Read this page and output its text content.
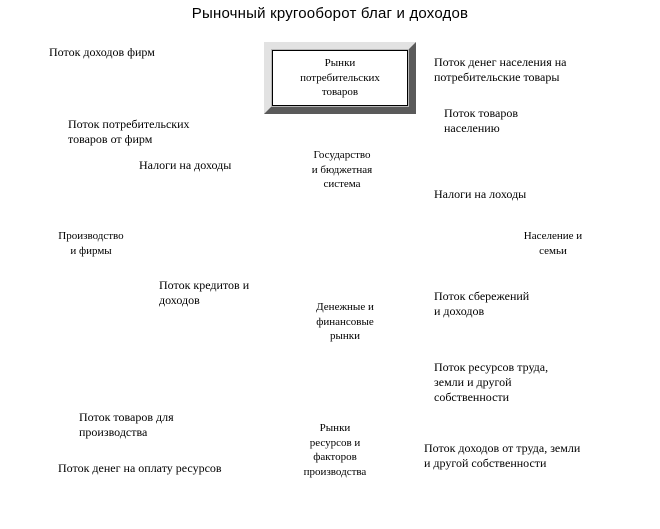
Рыночный кругооборот благ и доходов
Рынки
потребительских
товаров
Государство
и бюджетная
система
Производство
и фирмы
Население и
семьи
Денежные и
финансовые
рынки
Рынки
ресурсов и
факторов
производства
Поток доходов фирм
Поток денег населения на
потребительские товары
Поток потребительских
товаров от фирм
Поток товаров
населению
Налоги на доходы
Налоги на лоходы
Поток кредитов и
доходов	Поток сбережений
и доходов
Поток ресурсов труда,
земли и другой
собственности
Поток товаров для
производства
Поток доходов от труда, земли
и другой собственности
Поток денег на оплату ресурсов
